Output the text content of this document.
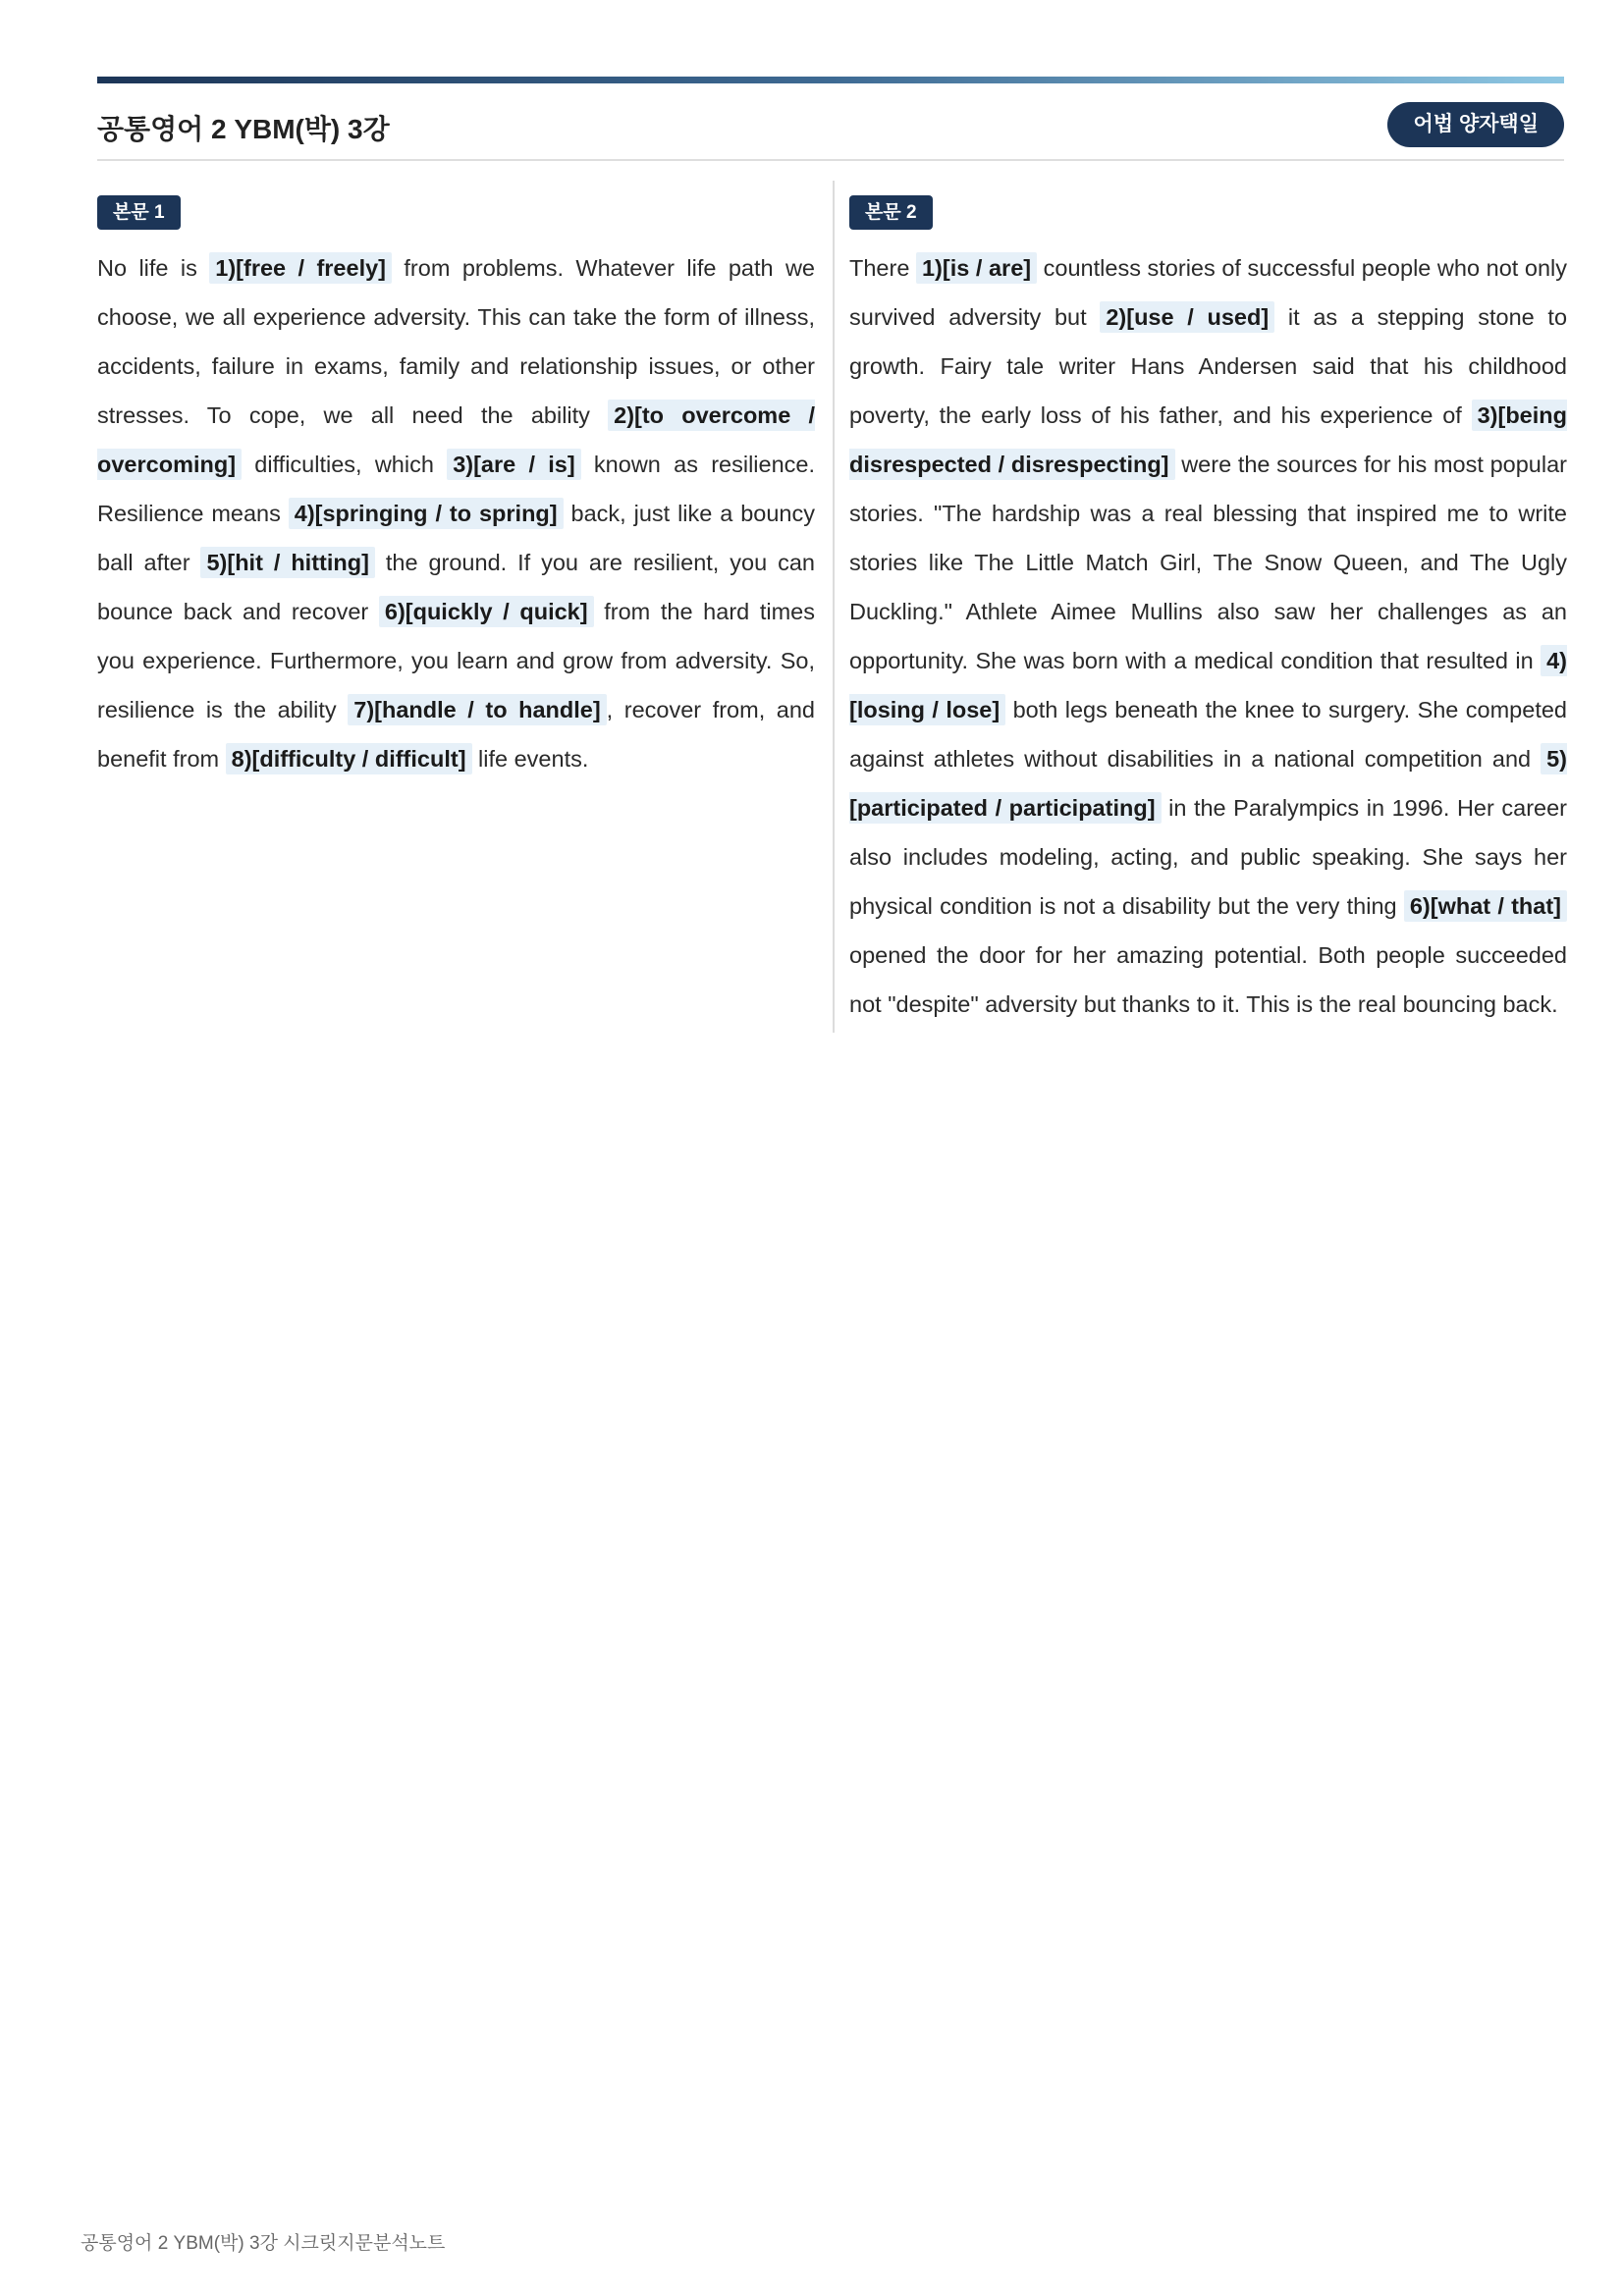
공통영어 2 YBM(박) 3강	어법 양자택일
본문 1
No life is 1)[free / freely] from problems. Whatever life path we choose, we all experience adversity. This can take the form of illness, accidents, failure in exams, family and relationship issues, or other stresses. To cope, we all need the ability 2)[to overcome / overcoming] difficulties, which 3)[are / is] known as resilience. Resilience means 4)[springing / to spring] back, just like a bouncy ball after 5)[hit / hitting] the ground. If you are resilient, you can bounce back and recover 6)[quickly / quick] from the hard times you experience. Furthermore, you learn and grow from adversity. So, resilience is the ability 7)[handle / to handle] , recover from, and benefit from 8)[difficulty / difficult] life events.
본문 2
There 1)[is / are] countless stories of successful people who not only survived adversity but 2)[use / used] it as a stepping stone to growth. Fairy tale writer Hans Andersen said that his childhood poverty, the early loss of his father, and his experience of 3)[being disrespected / disrespecting] were the sources for his most popular stories. "The hardship was a real blessing that inspired me to write stories like The Little Match Girl, The Snow Queen, and The Ugly Duckling." Athlete Aimee Mullins also saw her challenges as an opportunity. She was born with a medical condition that resulted in 4)[losing / lose] both legs beneath the knee to surgery. She competed against athletes without disabilities in a national competition and 5)[participated / participating] in the Paralympics in 1996. Her career also includes modeling, acting, and public speaking. She says her physical condition is not a disability but the very thing 6)[what / that] opened the door for her amazing potential. Both people succeeded not "despite" adversity but thanks to it. This is the real bouncing back.
공통영어 2 YBM(박) 3강 시크릿지문분석노트
